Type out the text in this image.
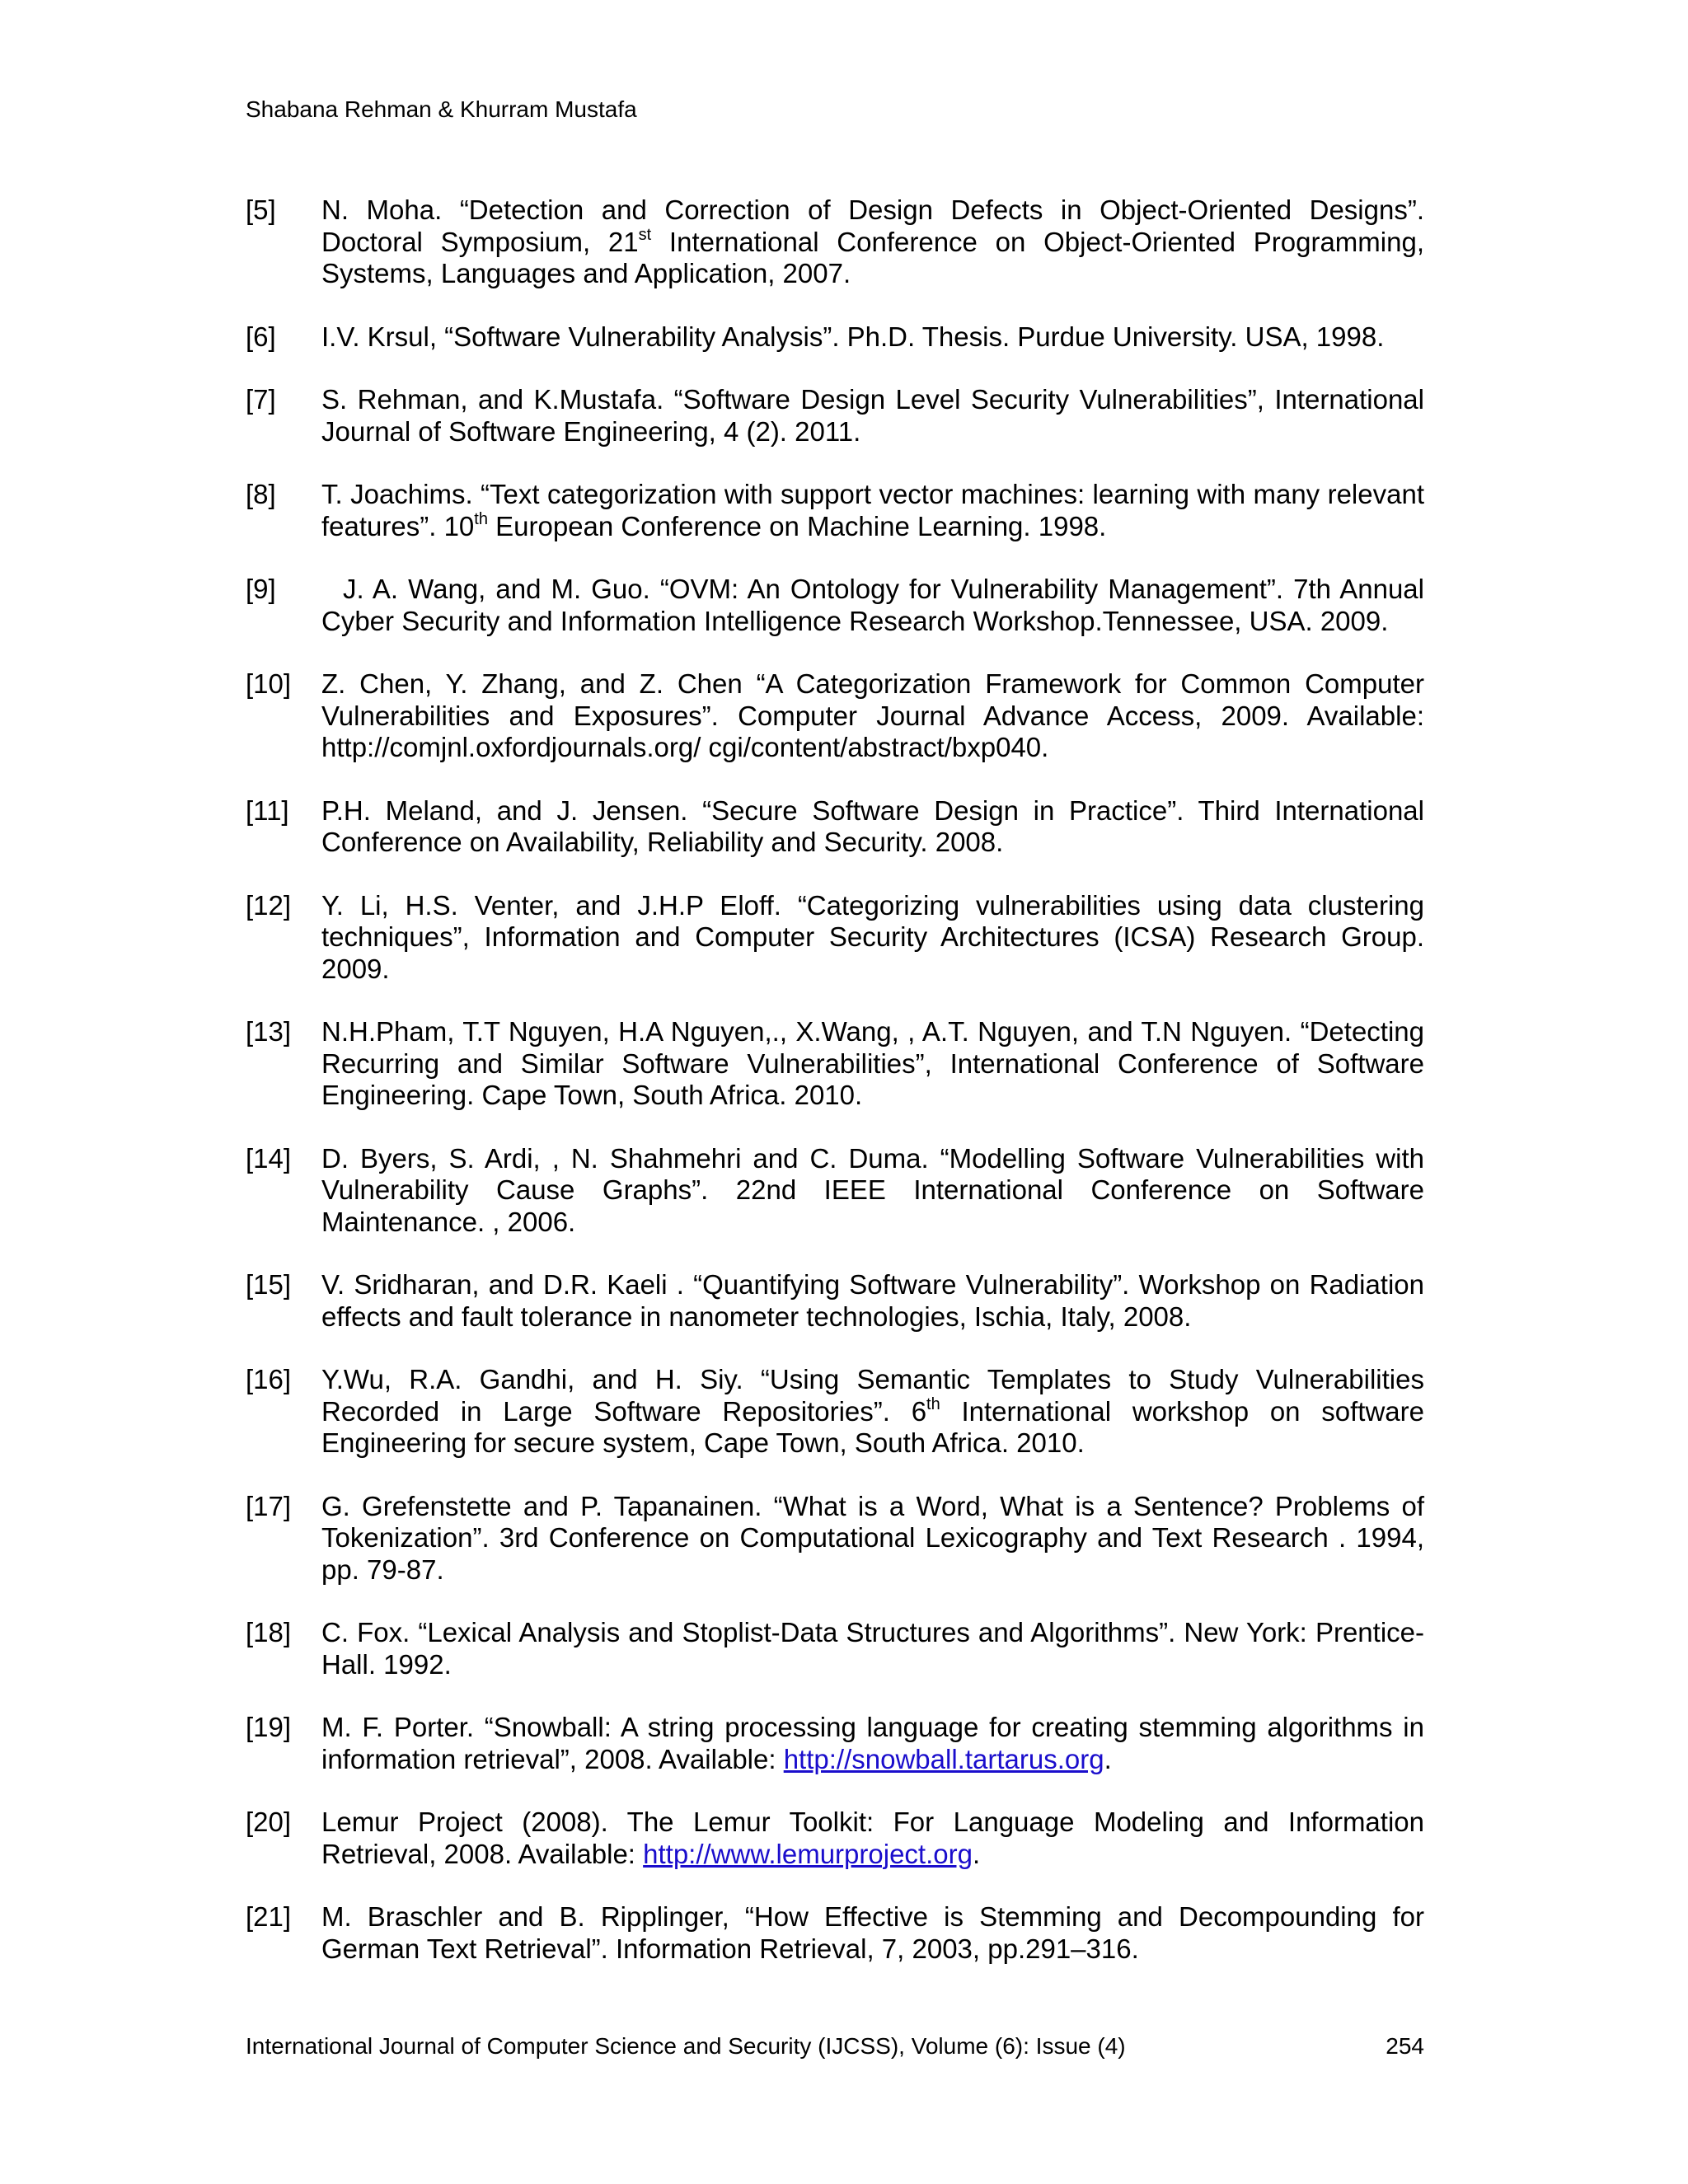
Shabana Rehman & Khurram Mustafa
[5] N. Moha. “Detection and Correction of Design Defects in Object-Oriented Designs”. Doctoral Symposium, 21st International Conference on Object-Oriented Programming, Systems, Languages and Application, 2007.
[6] I.V. Krsul, “Software Vulnerability Analysis”. Ph.D. Thesis. Purdue University. USA, 1998.
[7] S. Rehman, and K.Mustafa. “Software Design Level Security Vulnerabilities”, International Journal of Software Engineering, 4 (2). 2011.
[8] T. Joachims. “Text categorization with support vector machines: learning with many relevant features”. 10th European Conference on Machine Learning. 1998.
[9]	J. A. Wang, and M. Guo. “OVM: An Ontology for Vulnerability Management”. 7th Annual Cyber Security and Information Intelligence Research Workshop.Tennessee, USA. 2009.
[10] Z. Chen, Y. Zhang, and Z. Chen “A Categorization Framework for Common Computer Vulnerabilities and Exposures”. Computer Journal Advance Access, 2009. Available: http://comjnl.oxfordjournals.org/ cgi/content/abstract/bxp040.
[11] P.H. Meland, and J. Jensen. “Secure Software Design in Practice”. Third International Conference on Availability, Reliability and Security. 2008.
[12] Y. Li, H.S. Venter, and J.H.P Eloff. “Categorizing vulnerabilities using data clustering techniques”, Information and Computer Security Architectures (ICSA) Research Group. 2009.
[13] N.H.Pham, T.T Nguyen, H.A Nguyen,., X.Wang, , A.T. Nguyen, and T.N Nguyen. “Detecting Recurring and Similar Software Vulnerabilities”, International Conference of Software Engineering. Cape Town, South Africa. 2010.
[14] D. Byers, S. Ardi, , N. Shahmehri and C. Duma. “Modelling Software Vulnerabilities with Vulnerability Cause Graphs”. 22nd IEEE International Conference on Software Maintenance. , 2006.
[15] V. Sridharan, and D.R. Kaeli . “Quantifying Software Vulnerability”. Workshop on Radiation effects and fault tolerance in nanometer technologies, Ischia, Italy, 2008.
[16] Y.Wu, R.A. Gandhi, and H. Siy. “Using Semantic Templates to Study Vulnerabilities Recorded in Large Software Repositories”. 6th International workshop on software Engineering for secure system, Cape Town, South Africa. 2010.
[17] G. Grefenstette and P. Tapanainen. “What is a Word, What is a Sentence? Problems of Tokenization”. 3rd Conference on Computational Lexicography and Text Research . 1994, pp. 79-87.
[18] C. Fox. “Lexical Analysis and Stoplist-Data Structures and Algorithms”. New York: Prentice-Hall. 1992.
[19] M. F. Porter. “Snowball: A string processing language for creating stemming algorithms in information retrieval”, 2008. Available: http://snowball.tartarus.org.
[20] Lemur Project (2008). The Lemur Toolkit: For Language Modeling and Information Retrieval, 2008. Available: http://www.lemurproject.org.
[21] M. Braschler and B. Ripplinger, “How Effective is Stemming and Decompounding for German Text Retrieval”. Information Retrieval, 7, 2003, pp.291–316.
International Journal of Computer Science and Security (IJCSS), Volume (6): Issue (4)	254
